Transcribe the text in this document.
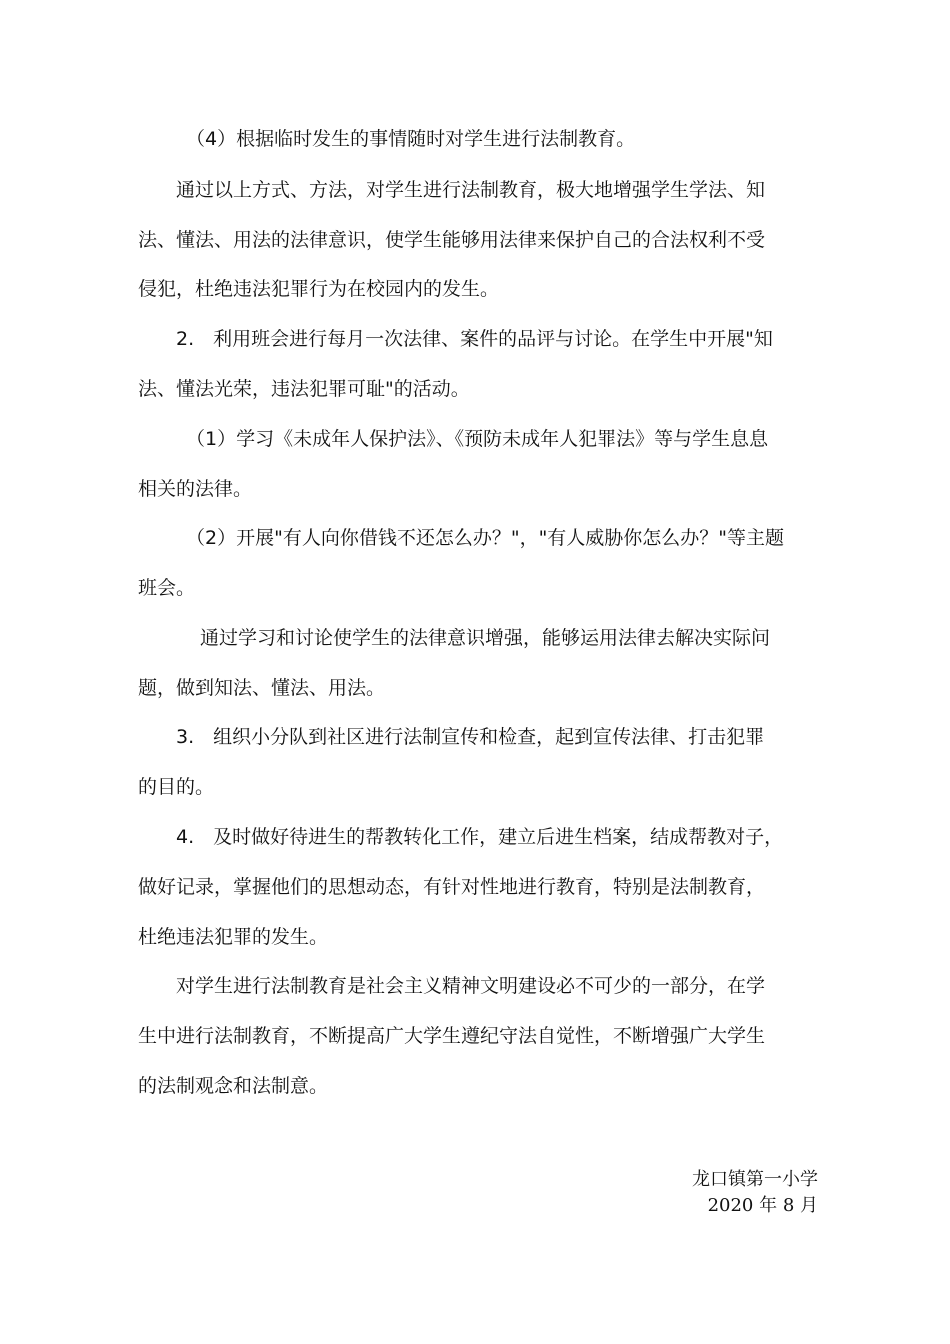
（4）根据临时发生的事情随时对学生进行法制教育。
通过以上方式、方法，对学生进行法制教育，极大地增强学生学法、知
法、懂法、用法的法律意识，使学生能够用法律来保护自己的合法权利不受
侵犯，杜绝违法犯罪行为在校园内的发生。
2.　利用班会进行每月一次法律、案件的品评与讨论。在学生中开展"知
法、懂法光荣，违法犯罪可耻"的活动。
（1）学习《未成年人保护法》、《预防未成年人犯罪法》等与学生息息
相关的法律。
（2）开展"有人向你借钱不还怎么办？"，"有人威胁你怎么办？"等主题
班会。
通过学习和讨论使学生的法律意识增强，能够运用法律去解决实际问
题，做到知法、懂法、用法。
3.　组织小分队到社区进行法制宣传和检查，起到宣传法律、打击犯罪
的目的。
4.　及时做好待进生的帮教转化工作，建立后进生档案，结成帮教对子，
做好记录，掌握他们的思想动态，有针对性地进行教育，特别是法制教育，
杜绝违法犯罪的发生。
对学生进行法制教育是社会主义精神文明建设必不可少的一部分，在学
生中进行法制教育，不断提高广大学生遵纪守法自觉性，不断增强广大学生
的法制观念和法制意。
龙口镇第一小学
2020 年 8 月
